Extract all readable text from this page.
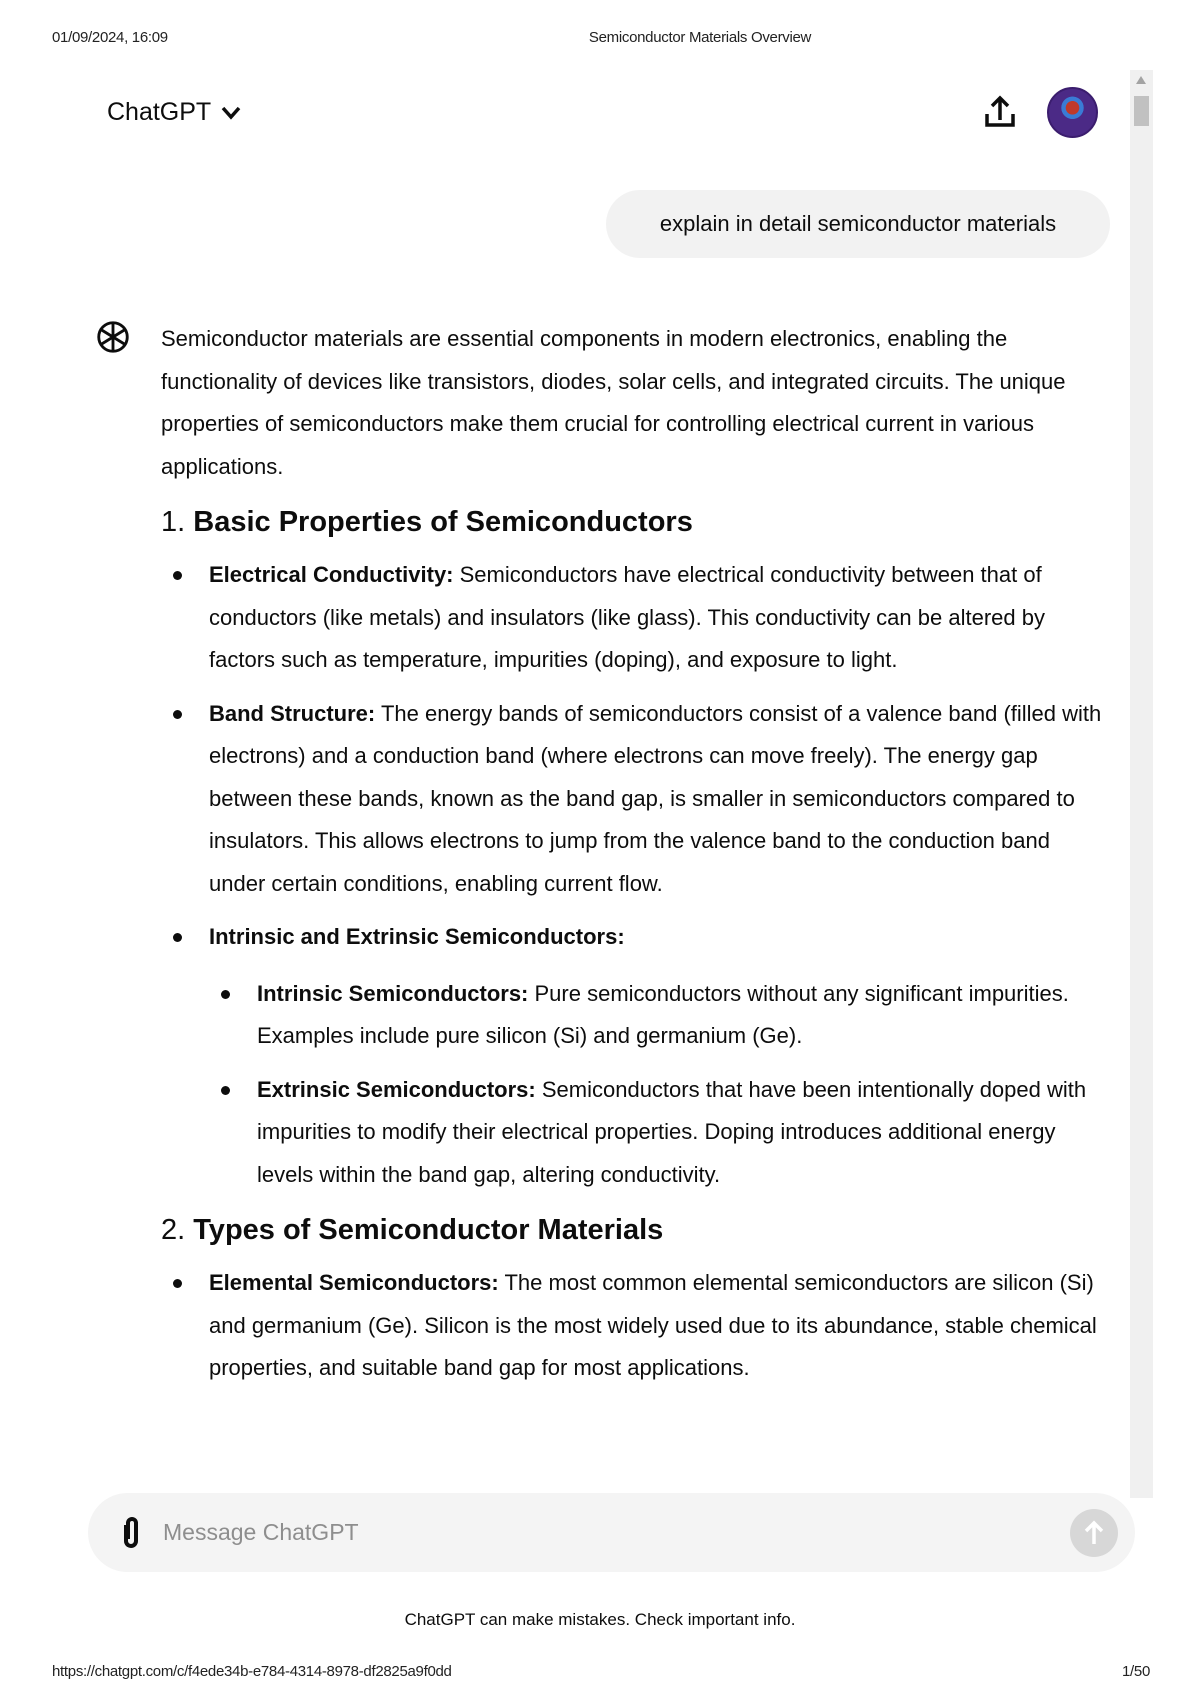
01/09/2024, 16:09	Semiconductor Materials Overview
ChatGPT
explain in detail semiconductor materials

Semiconductor materials are essential components in modern electronics, enabling the functionality of devices like transistors, diodes, solar cells, and integrated circuits. The unique properties of semiconductors make them crucial for controlling electrical current in various applications.

1. Basic Properties of Semiconductors
Electrical Conductivity: Semiconductors have electrical conductivity between that of conductors (like metals) and insulators (like glass). This conductivity can be altered by factors such as temperature, impurities (doping), and exposure to light.
Band Structure: The energy bands of semiconductors consist of a valence band (filled with electrons) and a conduction band (where electrons can move freely). The energy gap between these bands, known as the band gap, is smaller in semiconductors compared to insulators. This allows electrons to jump from the valence band to the conduction band under certain conditions, enabling current flow.
Intrinsic and Extrinsic Semiconductors:
Intrinsic Semiconductors: Pure semiconductors without any significant impurities. Examples include pure silicon (Si) and germanium (Ge).
Extrinsic Semiconductors: Semiconductors that have been intentionally doped with impurities to modify their electrical properties. Doping introduces additional energy levels within the band gap, altering conductivity.
2. Types of Semiconductor Materials
Elemental Semiconductors: The most common elemental semiconductors are silicon (Si) and germanium (Ge). Silicon is the most widely used due to its abundance, stable chemical properties, and suitable band gap for most applications.
Message ChatGPT
ChatGPT can make mistakes. Check important info.
https://chatgpt.com/c/f4ede34b-e784-4314-8978-df2825a9f0dd	1/50
